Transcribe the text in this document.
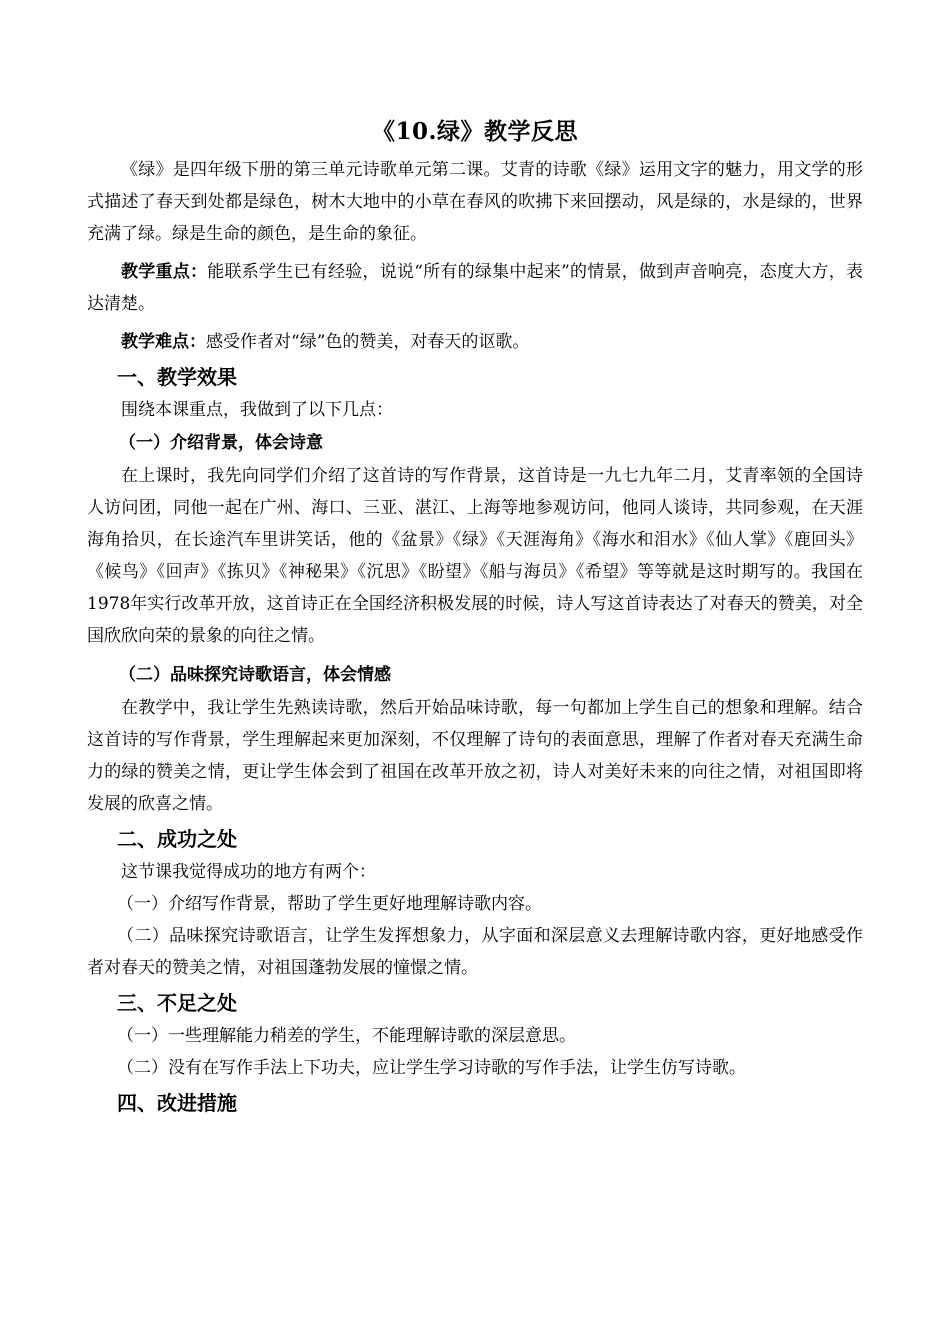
《10.绿》教学反思

《绿》是四年级下册的第三单元诗歌单元第二课。艾青的诗歌《绿》运用文字的魅力，用文学的形式描述了春天到处都是绿色，树木大地中的小草在春风的吹拂下来回摆动，风是绿的，水是绿的，世界充满了绿。绿是生命的颜色，是生命的象征。

教学重点：能联系学生已有经验，说说“所有的绿集中起来”的情景，做到声音响亮，态度大方，表达清楚。

教学难点：感受作者对“绿”色的赞美，对春天的讴歌。

一、教学效果

围绕本课重点，我做到了以下几点：

（一）介绍背景，体会诗意

在上课时，我先向同学们介绍了这首诗的写作背景，这首诗是一九七九年二月，艾青率领的全国诗人访问团，同他一起在广州、海口、三亚、湛江、上海等地参观访问，他同人谈诗，共同参观，在天涯海角拾贝，在长途汽车里讲笑话，他的《盆景》《绿》《天涯海角》《海水和泪水》《仙人掌》《鹿回头》《候鸟》《回声》《拣贝》《神秘果》《沉思》《盼望》《船与海员》《希望》等等就是这时期写的。我国在1978年实行改革开放，这首诗正在全国经济积极发展的时候，诗人写这首诗表达了对春天的赞美，对全国欣欣向荣的景象的向往之情。

（二）品味探究诗歌语言，体会情感

在教学中，我让学生先熟读诗歌，然后开始品味诗歌，每一句都加上学生自己的想象和理解。结合这首诗的写作背景，学生理解起来更加深刻，不仅理解了诗句的表面意思，理解了作者对春天充满生命力的绿的赞美之情，更让学生体会到了祖国在改革开放之初，诗人对美好未来的向往之情，对祖国即将发展的欣喜之情。

二、成功之处

这节课我觉得成功的地方有两个：

（一）介绍写作背景，帮助了学生更好地理解诗歌内容。

（二）品味探究诗歌语言，让学生发挥想象力，从字面和深层意义去理解诗歌内容，更好地感受作者对春天的赞美之情，对祖国蓬勃发展的憧憬之情。

三、不足之处

（一）一些理解能力稍差的学生，不能理解诗歌的深层意思。

（二）没有在写作手法上下功夫，应让学生学习诗歌的写作手法，让学生仿写诗歌。

四、改进措施
